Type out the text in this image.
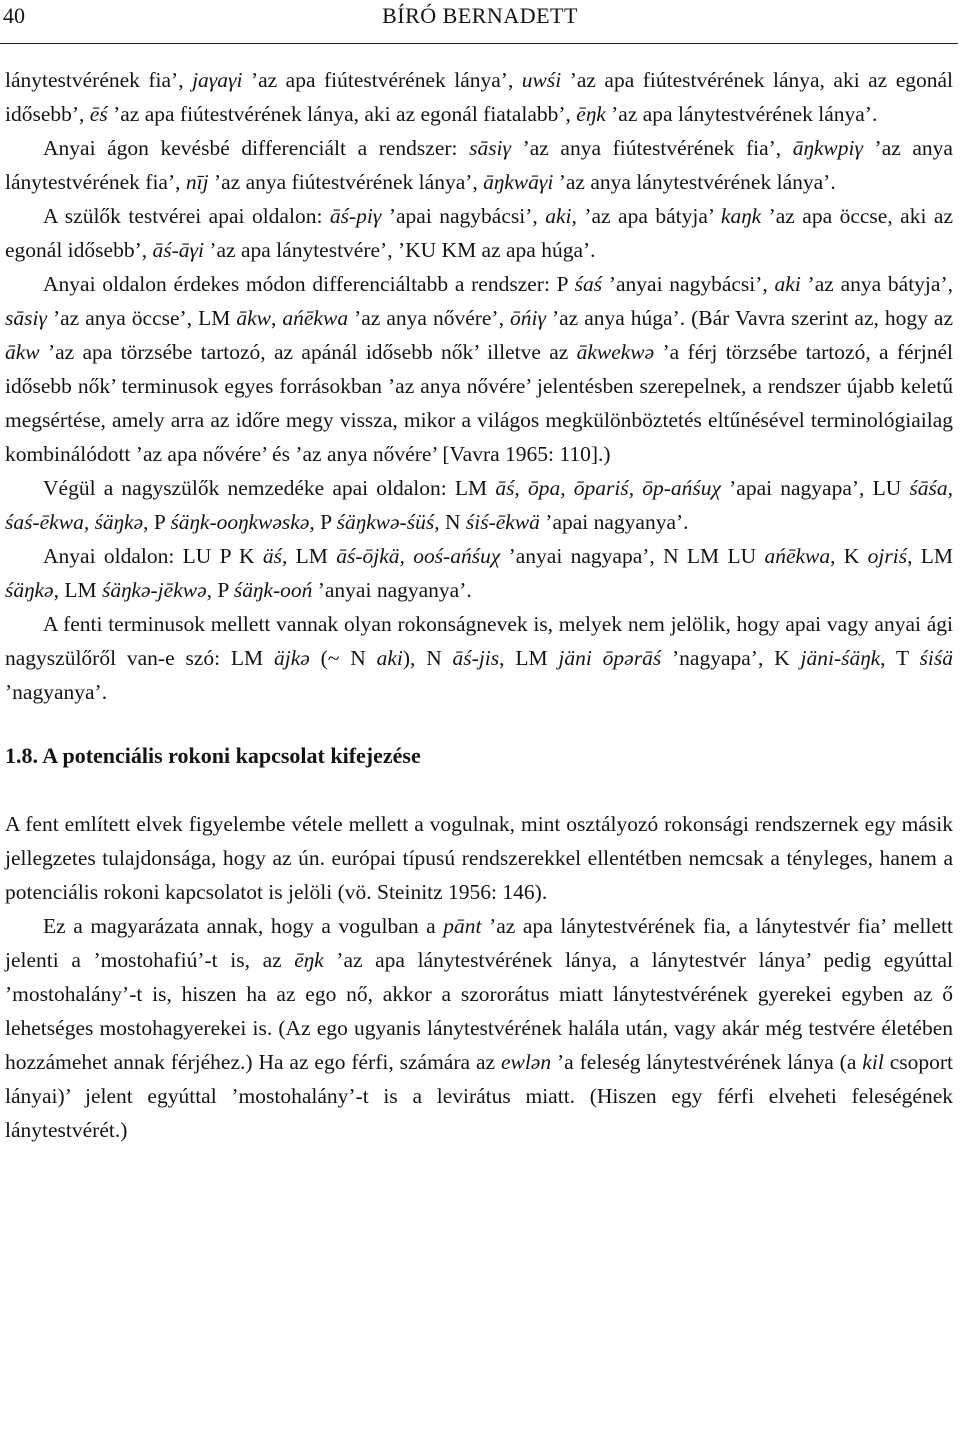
40	BÍRÓ BERNADETT

lánytestvérének fia’, jaγaγi ’az apa fiútestvérének lánya’, uwśi ’az apa fiútestvérének lánya, aki az egonál idősebb’, ēś ’az apa fiútestvérének lánya, aki az egonál fiatalabb’, ēŋk ’az apa lánytestvérének lánya’.

Anyai ágon kevésbé differenciált a rendszer: sāsiγ ’az anya fiútestvérének fia’, āŋkwpiγ ’az anya lánytestvérének fia’, nīj ’az anya fiútestvérének lánya’, āŋkwāγi ’az anya lánytestvérének lánya’.

A szülők testvérei apai oldalon: āś-piγ ’apai nagybácsi’, aki, ’az apa bátyja’ kaŋk ’az apa öccse, aki az egonál idősebb’, āś-āγi ’az apa lánytestvére’, ’KU KM az apa húga’.

Anyai oldalon érdekes módon differenciáltabb a rendszer: P śaś ’anyai nagybácsi’, aki ’az anya bátyja’, sāsiγ ’az anya öccse’, LM ākw, ańēkwa ’az anya nővére’, ōńiγ ’az anya húga’. (Bár Vavra szerint az, hogy az ākw ’az apa törzsébe tartozó, az apánál idősebb nők’ illetve az ākwekwə ’a férj törzsébe tartozó, a férjnél idősebb nők’ terminusok egyes forrásokban ’az anya nővére’ jelentésben szerepelnek, a rendszer újabb keletű megsértése, amely arra az időre megy vissza, mikor a világos megkülönböztetés eltűnésével terminológiailag kombinálódott ’az apa nővére’ és ’az anya nővére’ [Vavra 1965: 110].)

Végül a nagyszülők nemzedéke apai oldalon: LM āś, ōpa, ōpariś, ōp-ańśuχ ’apai nagyapa’, LU śāśa, śaś-ēkwa, śäŋkə, P śäŋk-ooŋkwəskə, P śäŋkwə-śüś, N śiś-ēkwä ’apai nagyanya’.

Anyai oldalon: LU P K äś, LM āś-ōjkä, ooś-ańśuχ ’anyai nagyapa’, N LM LU ańēkwa, K ojriś, LM śäŋkə, LM śäŋkə-jēkwə, P śäŋk-ooń ’anyai nagyanya’.

A fenti terminusok mellett vannak olyan rokonságnevek is, melyek nem jelölik, hogy apai vagy anyai ági nagyszülőről van-e szó: LM äjkə (~ N aki), N āś-jis, LM jäni ōpərāś ’nagyapa’, K jäni-śäŋk, T śiśä ’nagyanya’.

1.8. A potenciális rokoni kapcsolat kifejezése

A fent említett elvek figyelembe vétele mellett a vogulnak, mint osztályozó rokonsági rendszernek egy másik jellegzetes tulajdonsága, hogy az ún. európai típusú rendszerekkel ellentétben nemcsak a tényleges, hanem a potenciális rokoni kapcsolatot is jelöli (vö. Steinitz 1956: 146).

Ez a magyarázata annak, hogy a vogulban a pānt ’az apa lánytestvérének fia, a lánytestvér fia’ mellett jelenti a ’mostohafiú’-t is, az ēŋk ’az apa lánytestvérének lánya, a lánytestvér lánya’ pedig egyúttal ’mostohalány’-t is, hiszen ha az ego nő, akkor a szororátus miatt lánytestvérének gyerekei egyben az ő lehetséges mostohagyerekei is. (Az ego ugyanis lánytestvérének halála után, vagy akár még testvére életében hozzámehet annak férjéhez.) Ha az ego férfi, számára az ewlən ’a feleség lánytestvérének lánya (a kil csoport lányai)’ jelent egyúttal ’mostohalány’-t is a levirátus miatt. (Hiszen egy férfi elveheti feleségének lánytestvérét.)
